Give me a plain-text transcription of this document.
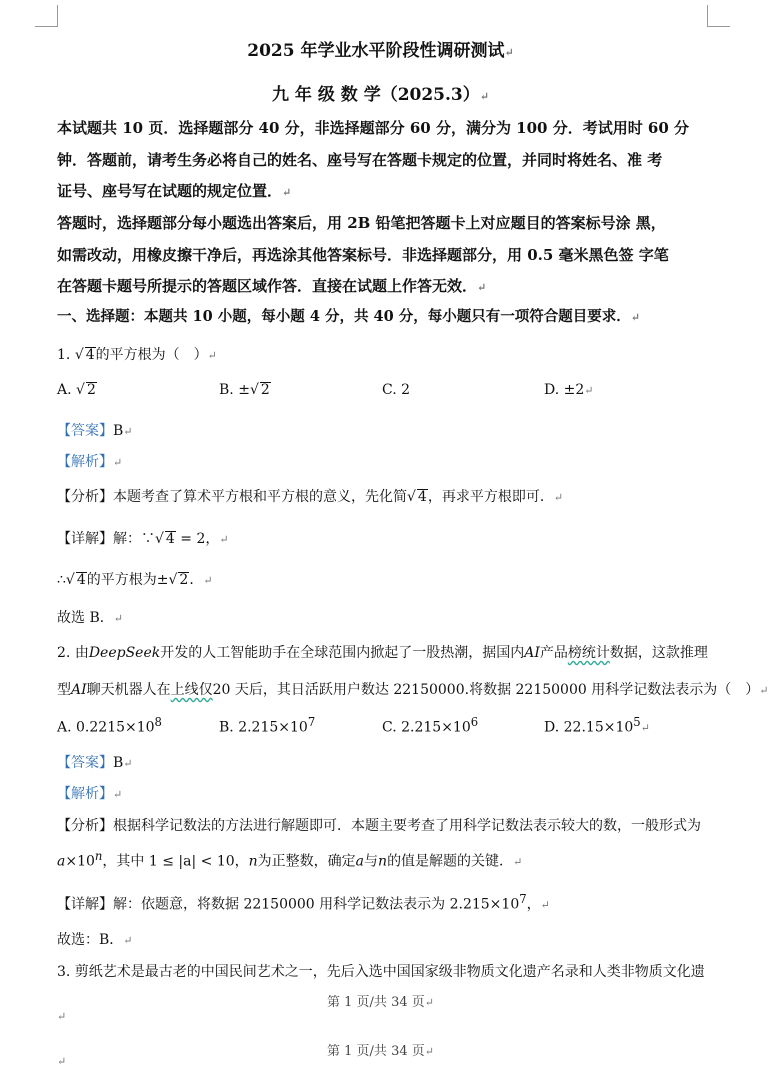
2025 年学业水平阶段性调研测试↵
九 年 级 数 学（2025.3）↵
本试题共 10 页．选择题部分 40 分，非选择题部分 60 分，满分为 100 分．考试用时 60 分
钟．答题前，请考生务必将自己的姓名、座号写在答题卡规定的位置，并同时将姓名、准 考
证号、座号写在试题的规定位置．↵
答题时，选择题部分每小题选出答案后，用 2B 铅笔把答题卡上对应题目的答案标号涂 黑，
如需改动，用橡皮擦干净后，再选涂其他答案标号．非选择题部分，用 0.5 毫米黑色签 字笔
在答题卡题号所提示的答题区域作答．直接在试题上作答无效．↵
一、选择题：本题共 10 小题，每小题 4 分，共 40 分，每小题只有一项符合题目要求．↵
1. √ 4的平方根为（　）↵
A. √ 2	B. ±√ 2	C. 2	D. ±2↵
【答案】B↵
【解析】↵
【分析】本题考查了算术平方根和平方根的意义，先化简√ 4，再求平方根即可．↵
【详解】解：∵√ 4 = 2，↵
∴√ 4的平方根为±√ 2．↵
故选 B．↵
2. 由DeepSeek开发的人工智能助手在全球范围内掀起了一股热潮，据国内AI产品榜统计数据，这款推理
型AI聊天机器人在上线仅20 天后，其日活跃用户数达 22150000.将数据 22150000 用科学记数法表示为（　）↵
A. $0.2215\times 10^8$	B. $2.215\times 10^7$	C. $2.215\times 10^6$	D. $22.15\times 10^5↵$
【答案】B↵
【解析】↵
【分析】根据科学记数法的方法进行解题即可．本题主要考查了用科学记数法表示较大的数，一般形式为
$a\times 10^n$，其中 1 ≤ |a| < 10，n为正整数，确定a与n的值是解题的关键．↵
【详解】解：依题意，将数据 22150000 用科学记数法表示为 $2.215\times 10^7$，↵
故选：B．↵
3. 剪纸艺术是最古老的中国民间艺术之一，先后入选中国国家级非物质文化遗产名录和人类非物质文化遗
第 1 页/共 34 页↵
↵
第 1 页/共 34 页↵
↵
